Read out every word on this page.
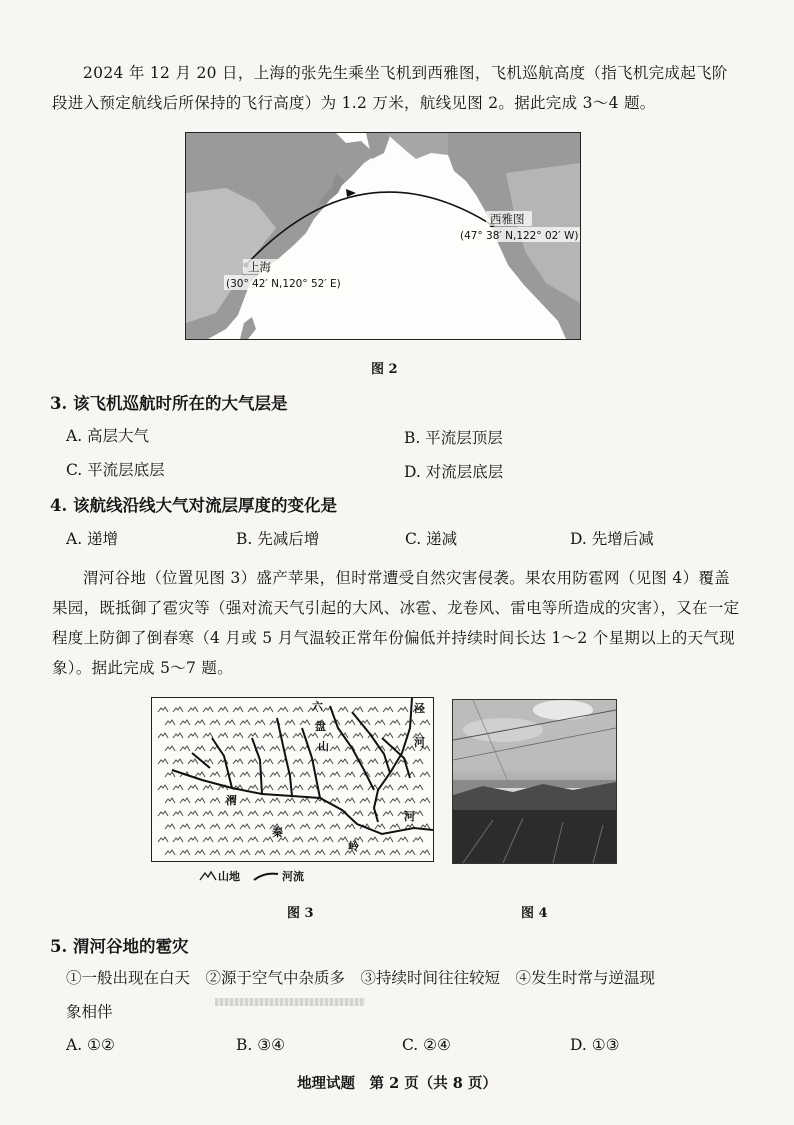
2024 年 12 月 20 日，上海的张先生乘坐飞机到西雅图，飞机巡航高度（指飞机完成起飞阶段进入预定航线后所保持的飞行高度）为 1.2 万米，航线见图 2。据此完成 3～4 题。

上海
(30° 42′ N,120° 52′ E)
西雅图
(47° 38′ N,122° 02′ W)
图 2

3. 该飞机巡航时所在的大气层是

A. 高层大气	B. 平流层顶层
C. 平流层底层	D. 对流层底层

4. 该航线沿线大气对流层厚度的变化是

A. 递增	B. 先减后增	C. 递减	D. 先增后减

渭河谷地（位置见图 3）盛产苹果，但时常遭受自然灾害侵袭。果农用防雹网（见图 4）覆盖果园，既抵御了雹灾等（强对流天气引起的大风、冰雹、龙卷风、雷电等所造成的灾害），又在一定程度上防御了倒春寒（4 月或 5 月气温较正常年份偏低并持续时间长达 1～2 个星期以上的天气现象）。据此完成 5～7 题。

六
盘
山
泾
河
渭
河
秦
岭
山地	河流
图 3	图 4

5. 渭河谷地的雹灾

①一般出现在白天　②源于空气中杂质多　③持续时间往往较短　④发生时常与逆温现
象相伴
A. ①②	B. ③④	C. ②④	D. ①③
地理试题　第 2 页（共 8 页）
